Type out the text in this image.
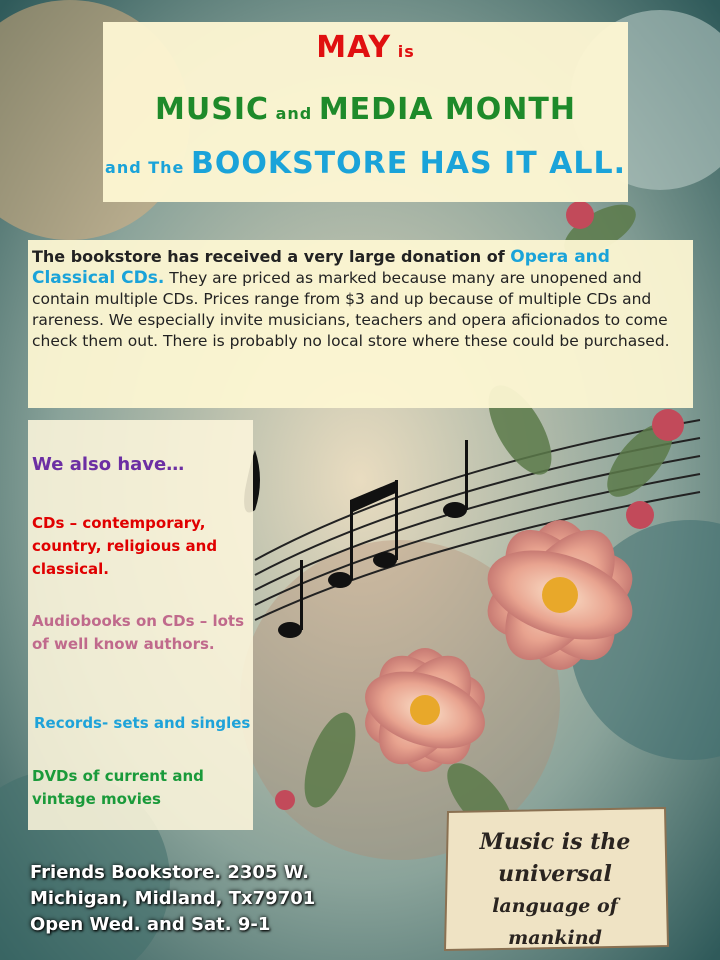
MAY is
MUSIC and MEDIA MONTH
and The BOOKSTORE HAS IT ALL.
The bookstore has received a very large donation of Opera and Classical CDs. They are priced as marked because many are unopened and contain multiple CDs. Prices range from $3 and up because of multiple CDs and rareness. We especially invite musicians, teachers and opera aficionados to come check them out. There is probably no local store where these could be purchased.
We also have…
CDs – contemporary, country, religious and classical.
Audiobooks on CDs – lots of well know authors.
Records- sets and singles
DVDs of current and vintage movies
Friends Bookstore. 2305 W.
Michigan, Midland, Tx79701
Open Wed. and Sat. 9-1
Music is the
universal
language of mankind
